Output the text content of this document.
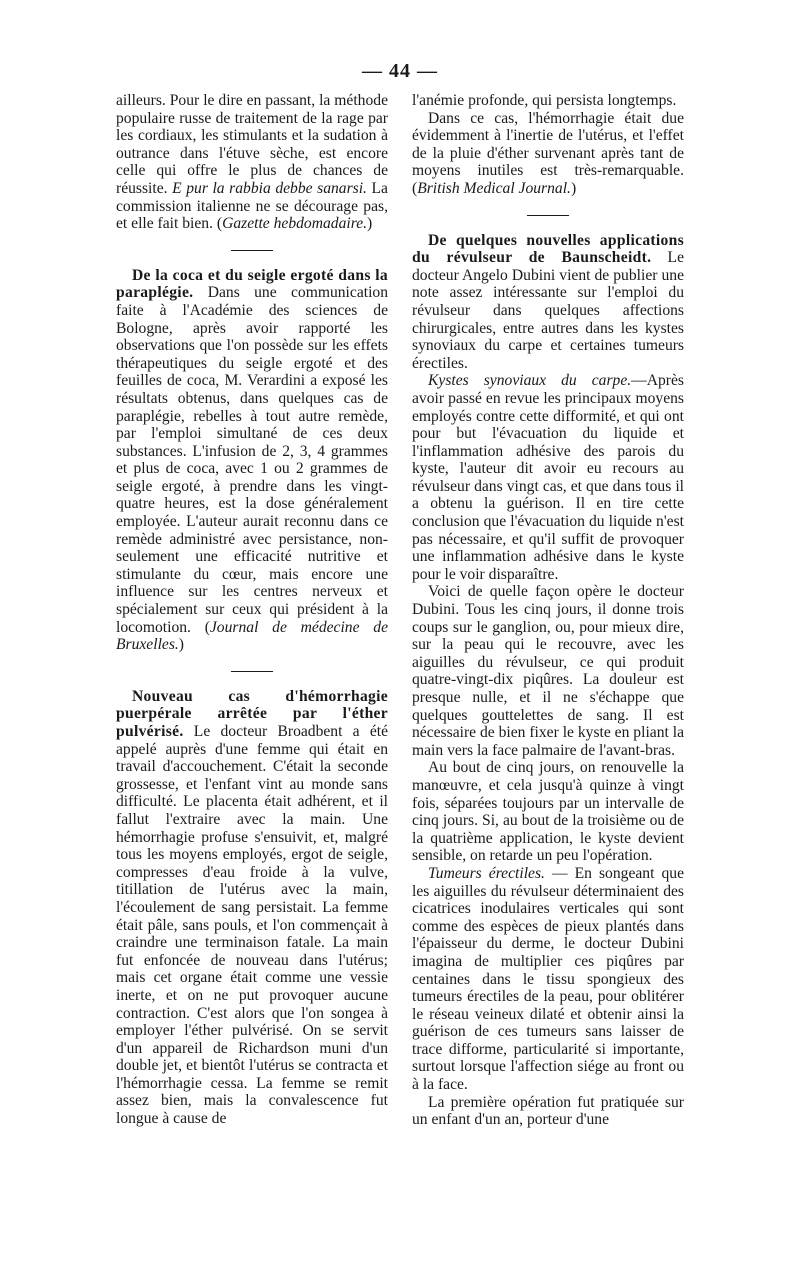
— 44 —

ailleurs. Pour le dire en passant, la méthode populaire russe de traitement de la rage par les cordiaux, les stimulants et la sudation à outrance dans l'étuve sèche, est encore celle qui offre le plus de chances de réussite. E pur la rabbia debbe sanarsi. La commission italienne ne se décourage pas, et elle fait bien. (Gazette hebdomadaire.)

De la coca et du seigle ergoté dans la paraplégie. Dans une communication faite à l'Académie des sciences de Bologne, après avoir rapporté les observations que l'on possède sur les effets thérapeutiques du seigle ergoté et des feuilles de coca, M. Verardini a exposé les résultats obtenus, dans quelques cas de paraplégie, rebelles à tout autre remède, par l'emploi simultané de ces deux substances. L'infusion de 2, 3, 4 grammes et plus de coca, avec 1 ou 2 grammes de seigle ergoté, à prendre dans les vingt-quatre heures, est la dose généralement employée. L'auteur aurait reconnu dans ce remède administré avec persistance, non-seulement une efficacité nutritive et stimulante du cœur, mais encore une influence sur les centres nerveux et spécialement sur ceux qui président à la locomotion. (Journal de médecine de Bruxelles.)

Nouveau cas d'hémorrhagie puerpérale arrêtée par l'éther pulvérisé. Le docteur Broadbent a été appelé auprès d'une femme qui était en travail d'accouchement. C'était la seconde grossesse, et l'enfant vint au monde sans difficulté. Le placenta était adhérent, et il fallut l'extraire avec la main. Une hémorrhagie profuse s'ensuivit, et, malgré tous les moyens employés, ergot de seigle, compresses d'eau froide à la vulve, titillation de l'utérus avec la main, l'écoulement de sang persistait. La femme était pâle, sans pouls, et l'on commençait à craindre une terminaison fatale. La main fut enfoncée de nouveau dans l'utérus; mais cet organe était comme une vessie inerte, et on ne put provoquer aucune contraction. C'est alors que l'on songea à employer l'éther pulvérisé. On se servit d'un appareil de Richardson muni d'un double jet, et bientôt l'utérus se contracta et l'hémorrhagie cessa. La femme se remit assez bien, mais la convalescence fut longue à cause de

l'anémie profonde, qui persista longtemps.

Dans ce cas, l'hémorrhagie était due évidemment à l'inertie de l'utérus, et l'effet de la pluie d'éther survenant après tant de moyens inutiles est très-remarquable. (British Medical Journal.)

De quelques nouvelles applications du révulseur de Baunscheidt. Le docteur Angelo Dubini vient de publier une note assez intéressante sur l'emploi du révulseur dans quelques affections chirurgicales, entre autres dans les kystes synoviaux du carpe et certaines tumeurs érectiles.

Kystes synoviaux du carpe.—Après avoir passé en revue les principaux moyens employés contre cette difformité, et qui ont pour but l'évacuation du liquide et l'inflammation adhésive des parois du kyste, l'auteur dit avoir eu recours au révulseur dans vingt cas, et que dans tous il a obtenu la guérison. Il en tire cette conclusion que l'évacuation du liquide n'est pas nécessaire, et qu'il suffit de provoquer une inflammation adhésive dans le kyste pour le voir disparaître.

Voici de quelle façon opère le docteur Dubini. Tous les cinq jours, il donne trois coups sur le ganglion, ou, pour mieux dire, sur la peau qui le recouvre, avec les aiguilles du révulseur, ce qui produit quatre-vingt-dix piqûres. La douleur est presque nulle, et il ne s'échappe que quelques gouttelettes de sang. Il est nécessaire de bien fixer le kyste en pliant la main vers la face palmaire de l'avant-bras.

Au bout de cinq jours, on renouvelle la manœuvre, et cela jusqu'à quinze à vingt fois, séparées toujours par un intervalle de cinq jours. Si, au bout de la troisième ou de la quatrième application, le kyste devient sensible, on retarde un peu l'opération.

Tumeurs érectiles. — En songeant que les aiguilles du révulseur déterminaient des cicatrices inodulaires verticales qui sont comme des espèces de pieux plantés dans l'épaisseur du derme, le docteur Dubini imagina de multiplier ces piqûres par centaines dans le tissu spongieux des tumeurs érectiles de la peau, pour oblitérer le réseau veineux dilaté et obtenir ainsi la guérison de ces tumeurs sans laisser de trace difforme, particularité si importante, surtout lorsque l'affection siége au front ou à la face.

La première opération fut pratiquée sur un enfant d'un an, porteur d'une
